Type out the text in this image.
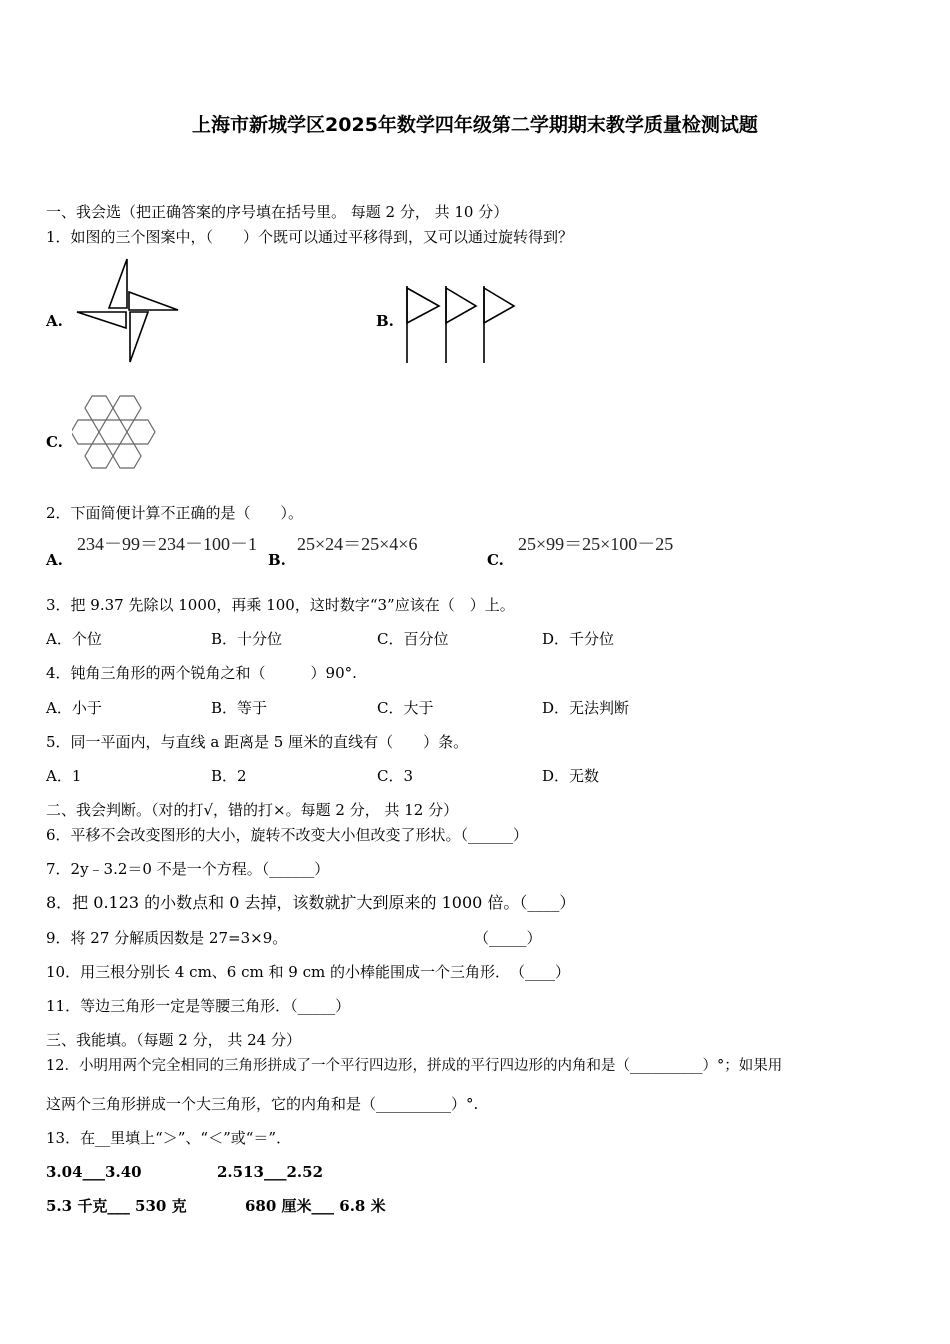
上海市新城学区2025年数学四年级第二学期期末教学质量检测试题
一、我会选（把正确答案的序号填在括号里。 每题 2 分， 共 10 分）
1．如图的三个图案中，（　　）个既可以通过平移得到，又可以通过旋转得到？
A.	B.
C.
2．下面简便计算不正确的是（　　）。
A.
234－99＝234－100－1
B.
25×24＝25×4×6
C.
25×99＝25×100－25
3．把 9.37 先除以 1000，再乘 100，这时数字“3”应该在（　）上。
A．个位	B．十分位	C．百分位	D．千分位
4．钝角三角形的两个锐角之和（　　　）90°.
A．小于	B．等于	C．大于	D．无法判断
5．同一平面内，与直线 a 距离是 5 厘米的直线有（　　）条。
A．1	B．2	C．3	D．无数
二、我会判断。（对的打√，错的打×。每题 2 分， 共 12 分）
6．平移不会改变图形的大小，旋转不改变大小但改变了形状。（______）
7．2y﹣3.2＝0 不是一个方程。（______）
8．把 0.123 的小数点和 0 去掉，该数就扩大到原来的 1000 倍。（____）
9．将 27 分解质因数是 27=3×9。	（_____）
10．用三根分别长 4 cm、6 cm 和 9 cm 的小棒能围成一个三角形．　（____）
11．等边三角形一定是等腰三角形．（_____）
三、我能填。（每题 2 分， 共 24 分）
12．小明用两个完全相同的三角形拼成了一个平行四边形，拼成的平行四边形的内角和是（__________）°；如果用
这两个三角形拼成一个大三角形，它的内角和是（__________）°.
13．在__里填上“＞”、“＜”或“＝”．
3.04___3.40	2.513___2.52
5.3 千克___ 530 克	680 厘米___ 6.8 米
